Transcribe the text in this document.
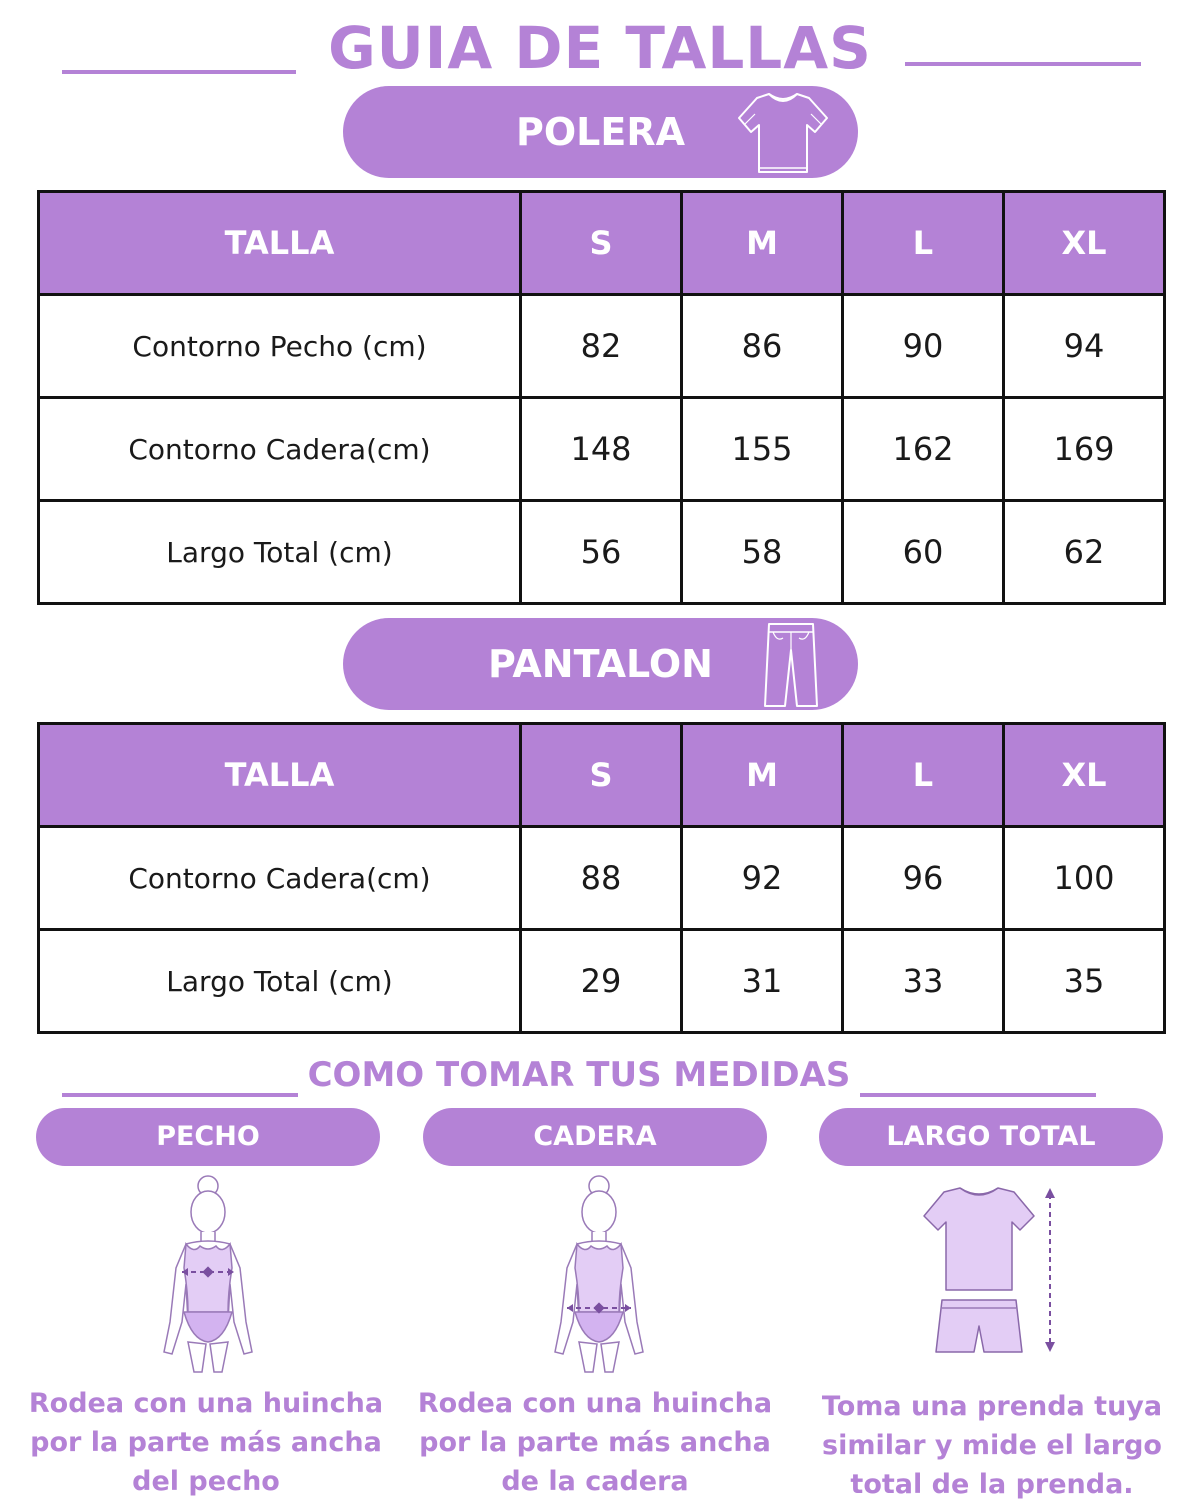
GUIA DE TALLAS
POLERA
TALLA	S	M	L	XL
Contorno Pecho (cm)	82	86	90	94
Contorno Cadera(cm)	148	155	162	169
Largo Total (cm)	56	58	60	62
PANTALON
TALLA	S	M	L	XL
Contorno Cadera(cm)	88	92	96	100
Largo Total (cm)	29	31	33	35
COMO TOMAR TUS MEDIDAS
PECHO	CADERA	LARGO TOTAL
Rodea con una huincha
por la parte más ancha
del pecho
Rodea con una huincha
por la parte más ancha
de la cadera
Toma una prenda tuya
similar y mide el largo
total de la prenda.
